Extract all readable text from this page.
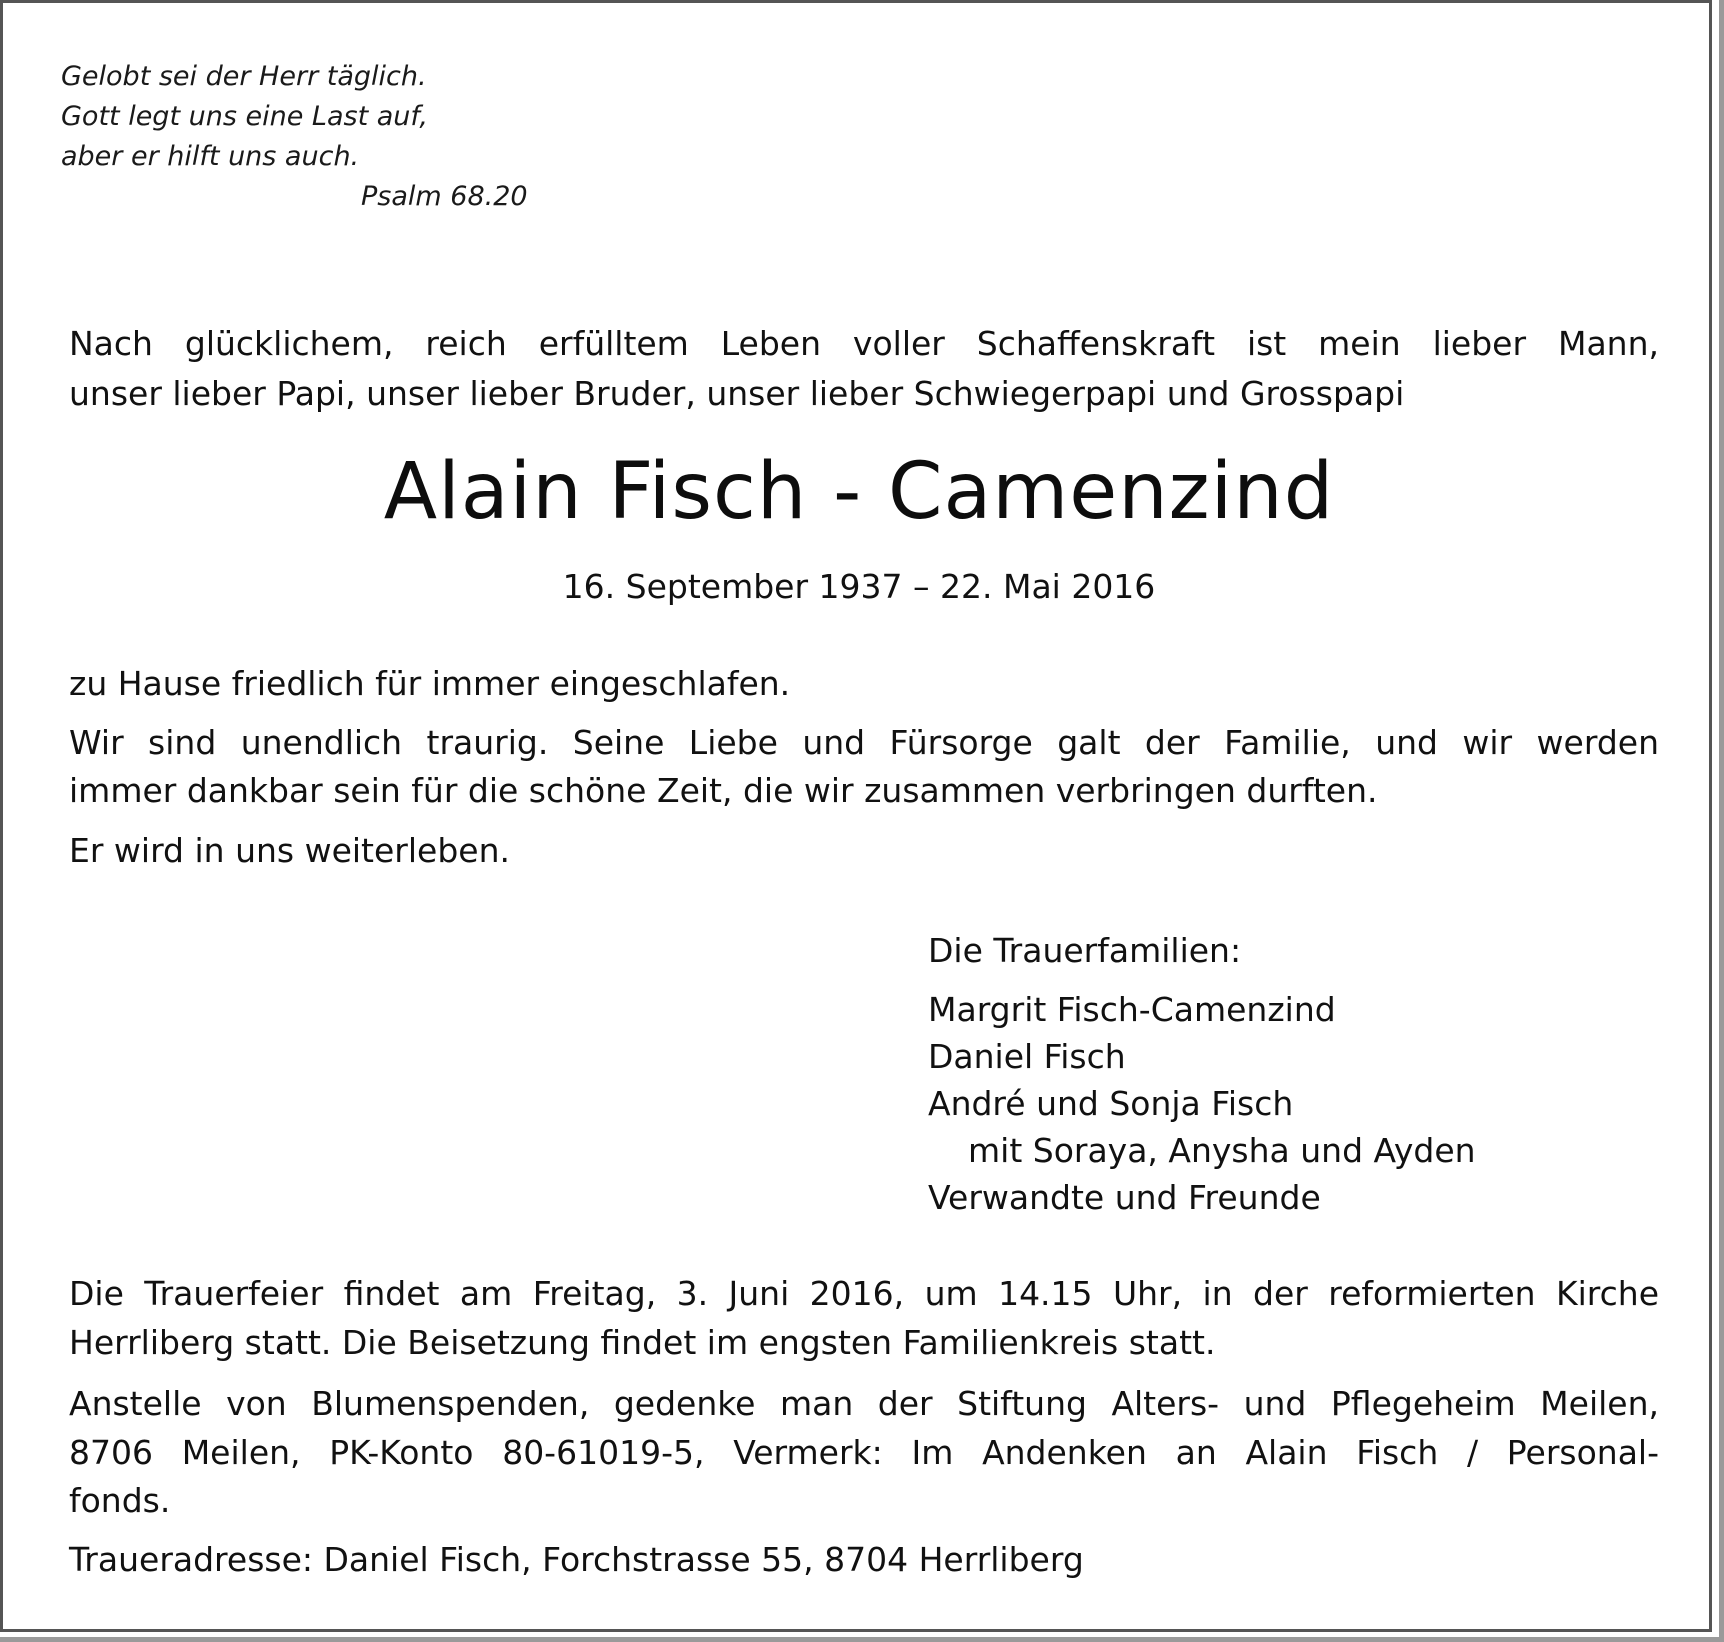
Gelobt sei der Herr täglich.
Gott legt uns eine Last auf,
aber er hilft uns auch.
Psalm 68.20
Nach glücklichem, reich erfülltem Leben voller Schaffenskraft ist mein lieber Mann,
unser lieber Papi, unser lieber Bruder, unser lieber Schwiegerpapi und Grosspapi
Alain Fisch - Camenzind
16. September 1937 – 22. Mai 2016
zu Hause friedlich für immer eingeschlafen.
Wir sind unendlich traurig. Seine Liebe und Fürsorge galt der Familie, und wir werden
immer dankbar sein für die schöne Zeit, die wir zusammen verbringen durften.
Er wird in uns weiterleben.
Die Trauerfamilien:
Margrit Fisch-Camenzind
Daniel Fisch
André und Sonja Fisch
mit Soraya, Anysha und Ayden
Verwandte und Freunde
Die Trauerfeier findet am Freitag, 3. Juni 2016, um 14.15 Uhr, in der reformierten Kirche
Herrliberg statt. Die Beisetzung findet im engsten Familienkreis statt.
Anstelle von Blumenspenden, gedenke man der Stiftung Alters- und Pflegeheim Meilen,
8706 Meilen, PK-Konto 80-61019-5, Vermerk: Im Andenken an Alain Fisch / Personal-
fonds.
Traueradresse: Daniel Fisch, Forchstrasse 55, 8704 Herrliberg
